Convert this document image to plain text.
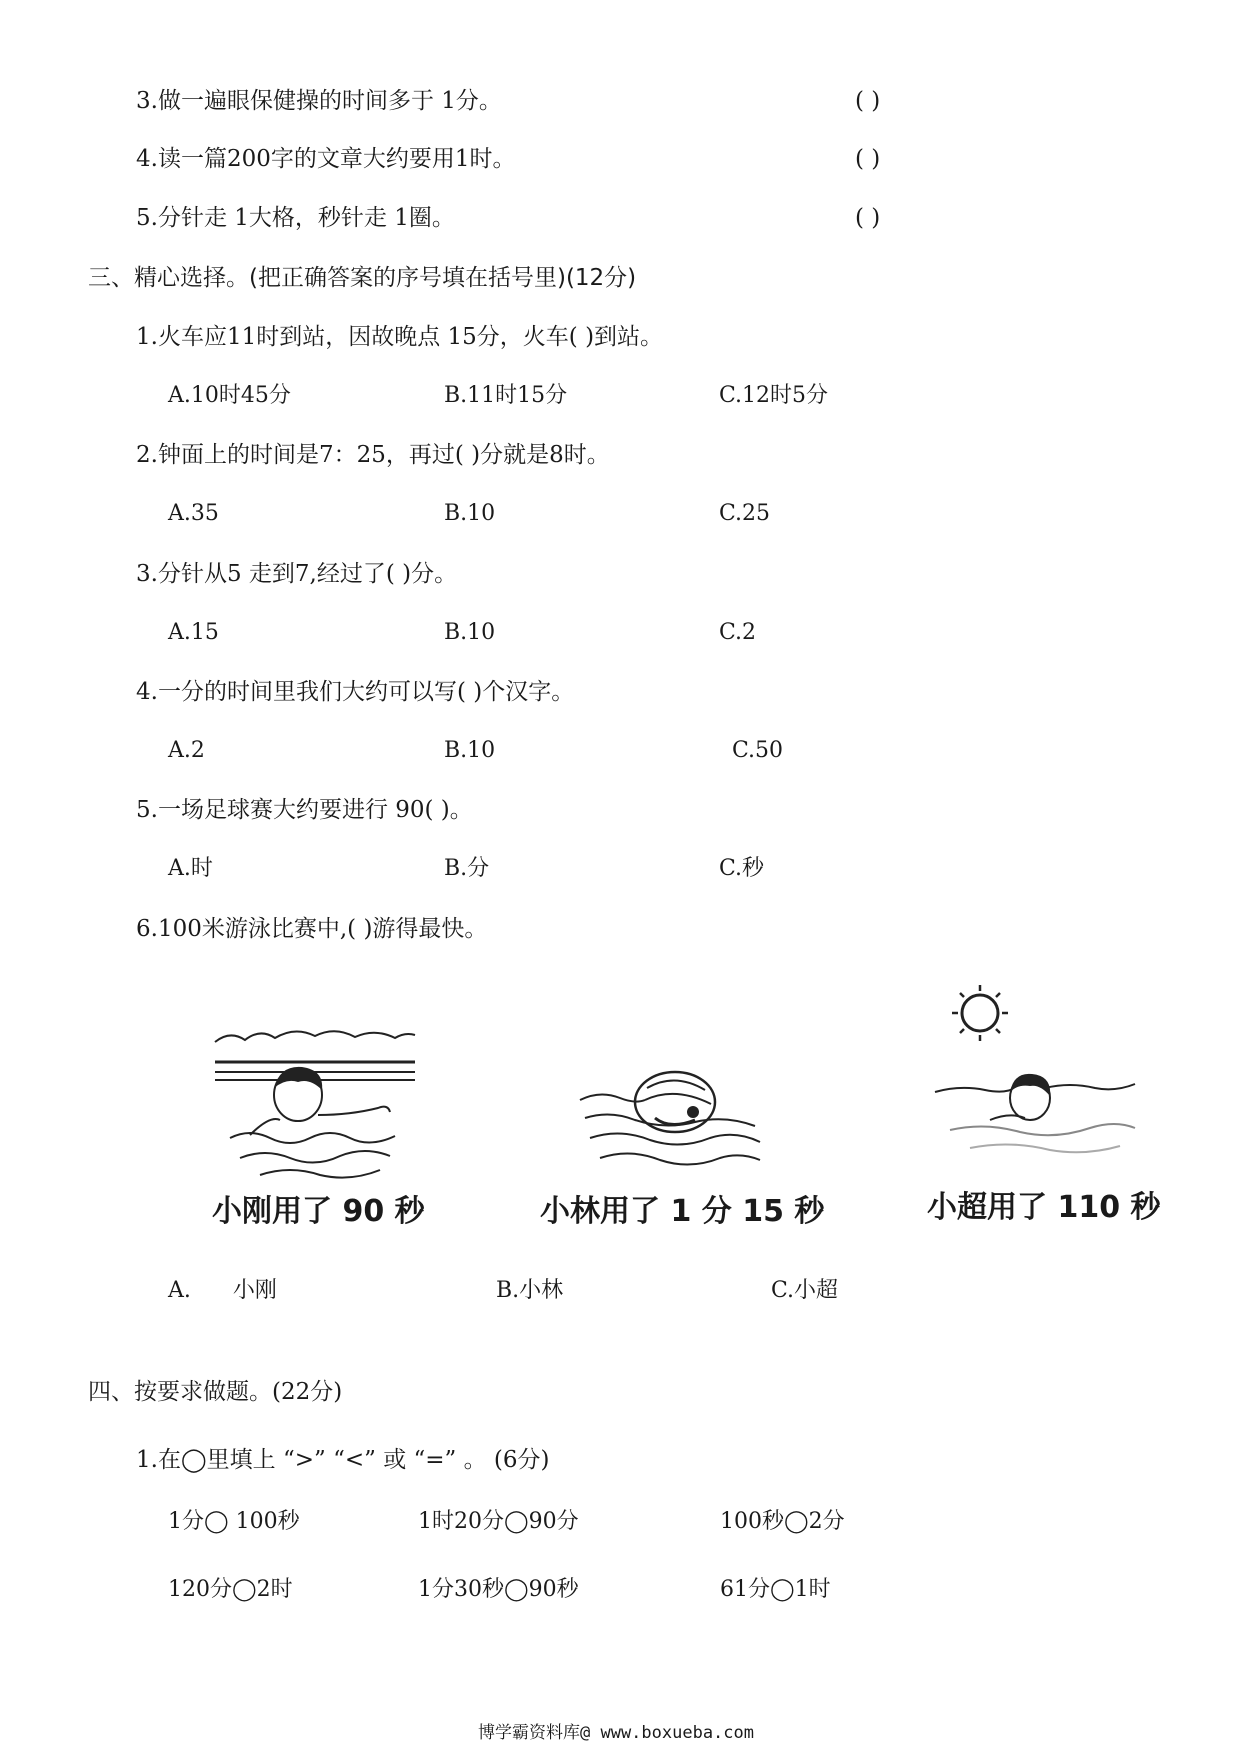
3.做一遍眼保健操的时间多于 1分。	( )
4.读一篇200字的文章大约要用1时。	( )
5.分针走 1大格，秒针走 1圈。	( )
三、精心选择。(把正确答案的序号填在括号里)(12分)
1.火车应11时到站，因故晚点 15分，火车( )到站。
A.10时45分	B.11时15分	C.12时5分
2.钟面上的时间是7：25，再过( )分就是8时。
A.35	B.10	C.25
3.分针从5 走到7,经过了( )分。
A.15	B.10	C.2
4.一分的时间里我们大约可以写( )个汉字。
A.2	B.10	C.50
5.一场足球赛大约要进行 90( )。
A.时	B.分	C.秒
6.100米游泳比赛中,( )游得最快。
小刚用了 90 秒	小林用了 1 分 15 秒	小超用了 110 秒
A.      小刚	B.小林	C.小超
四、按要求做题。(22分)
1.在◯里填上 “>” “<” 或 “=” 。 (6分)
1分◯ 100秒	1时20分◯90分	100秒◯2分
120分◯2时	1分30秒◯90秒	61分◯1时
博学霸资料库@ www.boxueba.com
